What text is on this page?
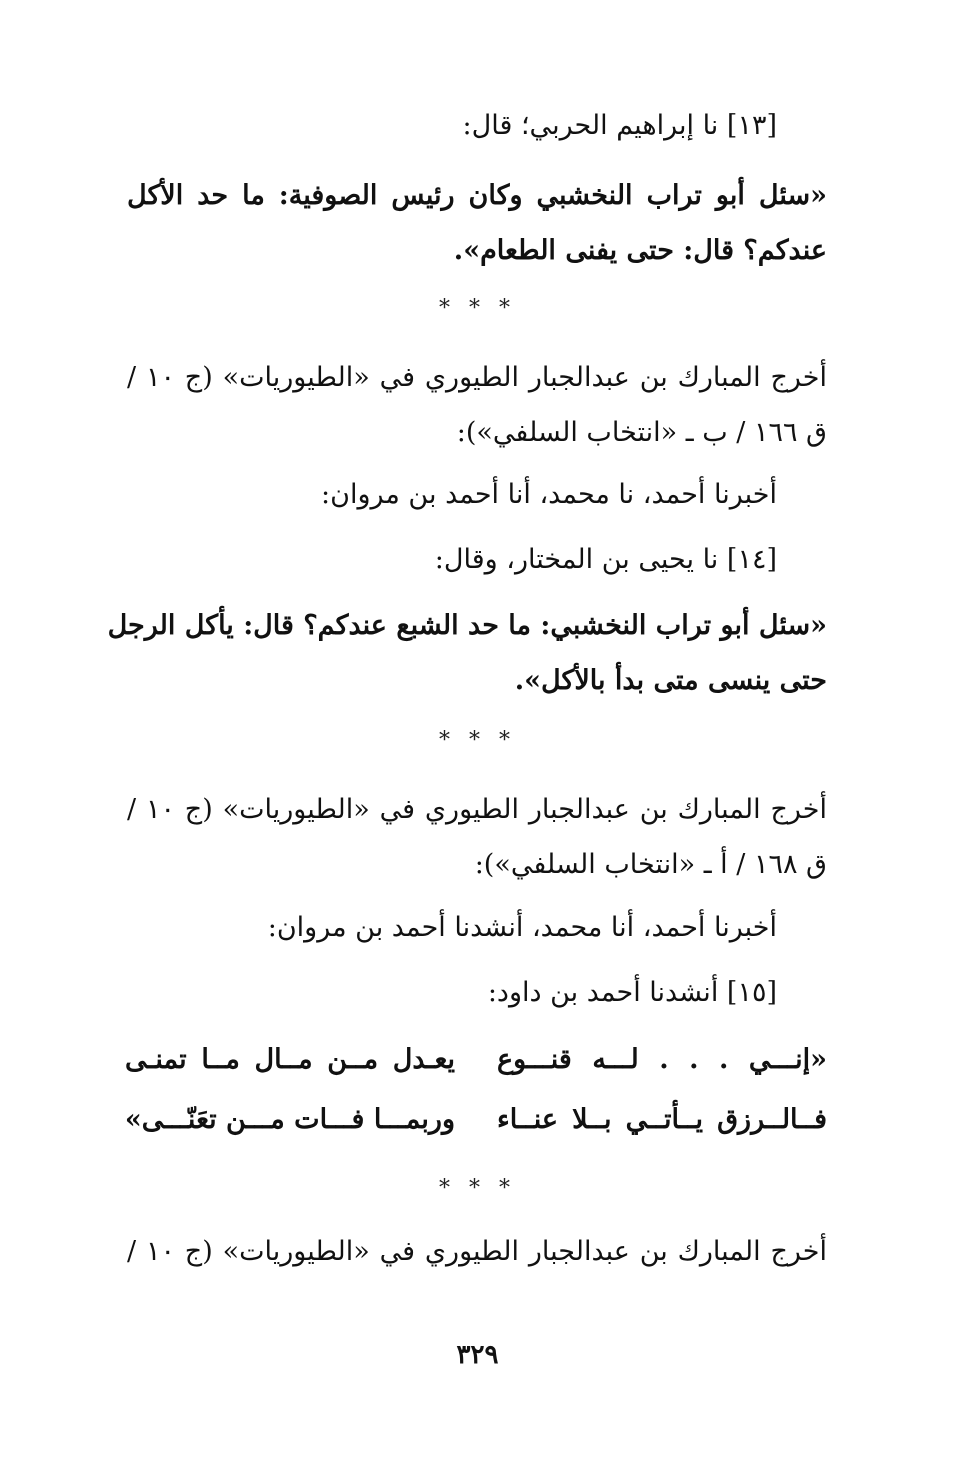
[١٣] نا إبراهيم الحربي؛ قال:
«سئل أبو تراب النخشبي وكان رئيس الصوفية: ما حد الأكل
عندكم؟ قال: حتى يفنى الطعام».
* * *
أخرج المبارك بن عبدالجبار الطيوري في «الطيوريات» (ج ١٠ /
ق ١٦٦ / ب ـ «انتخاب السلفي»):
أخبرنا أحمد، نا محمد، أنا أحمد بن مروان:
[١٤] نا يحيى بن المختار، وقال:
«سئل أبو تراب النخشبي: ما حد الشبع عندكم؟ قال: يأكل الرجل
حتى ينسى متى بدأ بالأكل».
* * *
أخرج المبارك بن عبدالجبار الطيوري في «الطيوريات» (ج ١٠ /
ق ١٦٨ / أ ـ «انتخاب السلفي»):
أخبرنا أحمد، أنا محمد، أنشدنا أحمد بن مروان:
[١٥] أنشدنا أحمد بن داود:
«إنـــي . . . لـــه قنـــوع
يعـدل مــن مــال مــا تمنـى
فــالــرزق يــأتــي بــلا عنــاء
وربمـــا فـــات مـــن تعَنّـــى»
* * *
أخرج المبارك بن عبدالجبار الطيوري في «الطيوريات» (ج ١٠ /
٣٢٩
